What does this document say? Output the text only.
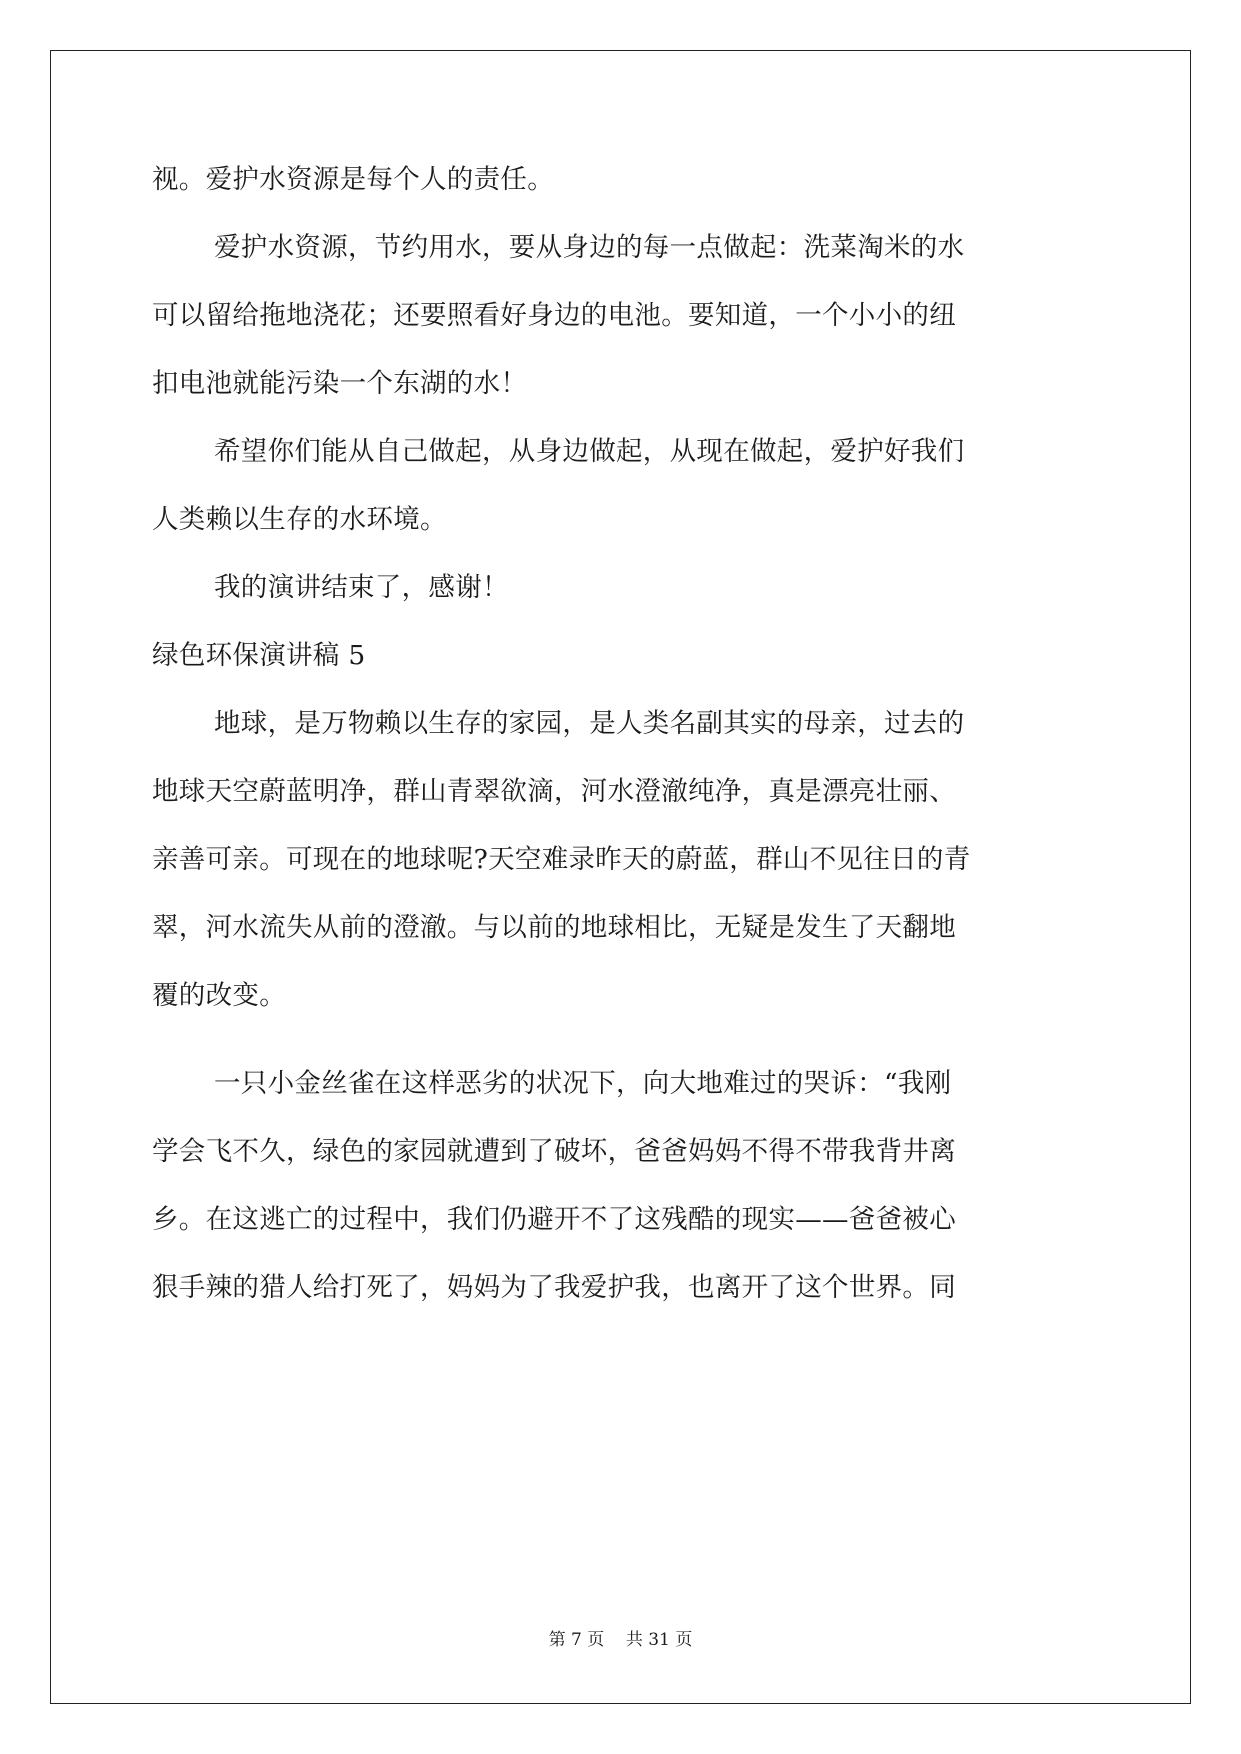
视。爱护水资源是每个人的责任。
爱护水资源，节约用水，要从身边的每一点做起：洗菜淘米的水
可以留给拖地浇花；还要照看好身边的电池。要知道，一个小小的纽
扣电池就能污染一个东湖的水！
希望你们能从自己做起，从身边做起，从现在做起，爱护好我们
人类赖以生存的水环境。
我的演讲结束了，感谢！
绿色环保演讲稿 5
地球，是万物赖以生存的家园，是人类名副其实的母亲，过去的
地球天空蔚蓝明净，群山青翠欲滴，河水澄澈纯净，真是漂亮壮丽、
亲善可亲。可现在的地球呢?天空难录昨天的蔚蓝，群山不见往日的青
翠，河水流失从前的澄澈。与以前的地球相比，无疑是发生了天翻地
覆的改变。
一只小金丝雀在这样恶劣的状况下，向大地难过的哭诉：“我刚
学会飞不久，绿色的家园就遭到了破坏，爸爸妈妈不得不带我背井离
乡。在这逃亡的过程中，我们仍避开不了这残酷的现实——爸爸被心
狠手辣的猎人给打死了，妈妈为了我爱护我，也离开了这个世界。同
第 7 页    共 31 页
